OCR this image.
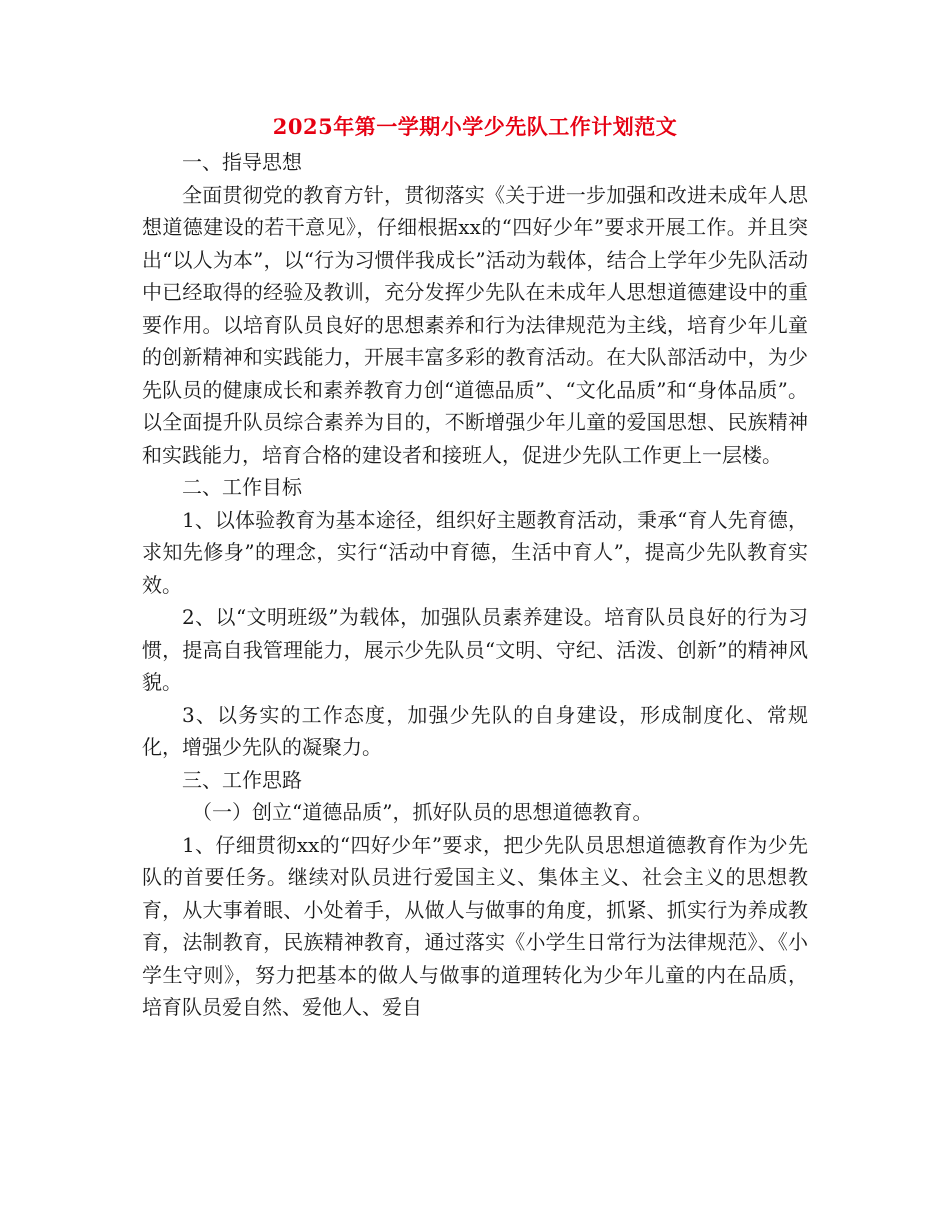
2025年第一学期小学少先队工作计划范文

一、指导思想

全面贯彻党的教育方针，贯彻落实《关于进一步加强和改进未成年人思想道德建设的若干意见》，仔细根据xx的“四好少年”要求开展工作。并且突出“以人为本”，以“行为习惯伴我成长”活动为载体，结合上学年少先队活动中已经取得的经验及教训，充分发挥少先队在未成年人思想道德建设中的重要作用。以培育队员良好的思想素养和行为法律规范为主线，培育少年儿童的创新精神和实践能力，开展丰富多彩的教育活动。在大队部活动中，为少先队员的健康成长和素养教育力创“道德品质”、“文化品质”和“身体品质”。以全面提升队员综合素养为目的，不断增强少年儿童的爱国思想、民族精神和实践能力，培育合格的建设者和接班人，促进少先队工作更上一层楼。

二、工作目标

1、以体验教育为基本途径，组织好主题教育活动，秉承“育人先育德，求知先修身”的理念，实行“活动中育德，生活中育人”，提高少先队教育实效。

2、以“文明班级”为载体，加强队员素养建设。培育队员良好的行为习惯，提高自我管理能力，展示少先队员“文明、守纪、活泼、创新”的精神风貌。

3、以务实的工作态度，加强少先队的自身建设，形成制度化、常规化，增强少先队的凝聚力。

三、工作思路

（一）创立“道德品质”，抓好队员的思想道德教育。

1、仔细贯彻xx的“四好少年”要求，把少先队员思想道德教育作为少先队的首要任务。继续对队员进行爱国主义、集体主义、社会主义的思想教育，从大事着眼、小处着手，从做人与做事的角度，抓紧、抓实行为养成教育，法制教育，民族精神教育，通过落实《小学生日常行为法律规范》、《小学生守则》，努力把基本的做人与做事的道理转化为少年儿童的内在品质，培育队员爱自然、爱他人、爱自
